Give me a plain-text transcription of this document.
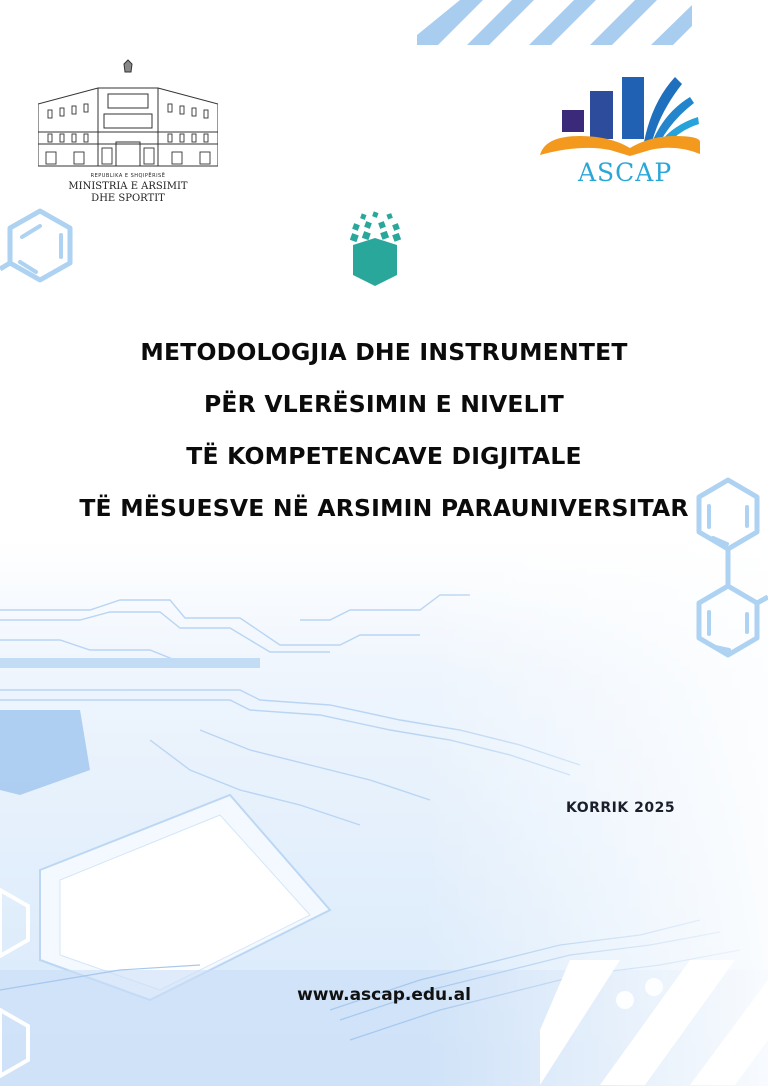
REPUBLIKA E SHQIPËRISË
MINISTRIA E ARSIMIT
DHE SPORTIT
ASCAP
METODOLOGJIA DHE INSTRUMENTET
PËR VLERËSIMIN E NIVELIT
TË KOMPETENCAVE DIGJITALE
TË MËSUESVE NË ARSIMIN PARAUNIVERSITAR
KORRIK 2025
www.ascap.edu.al
